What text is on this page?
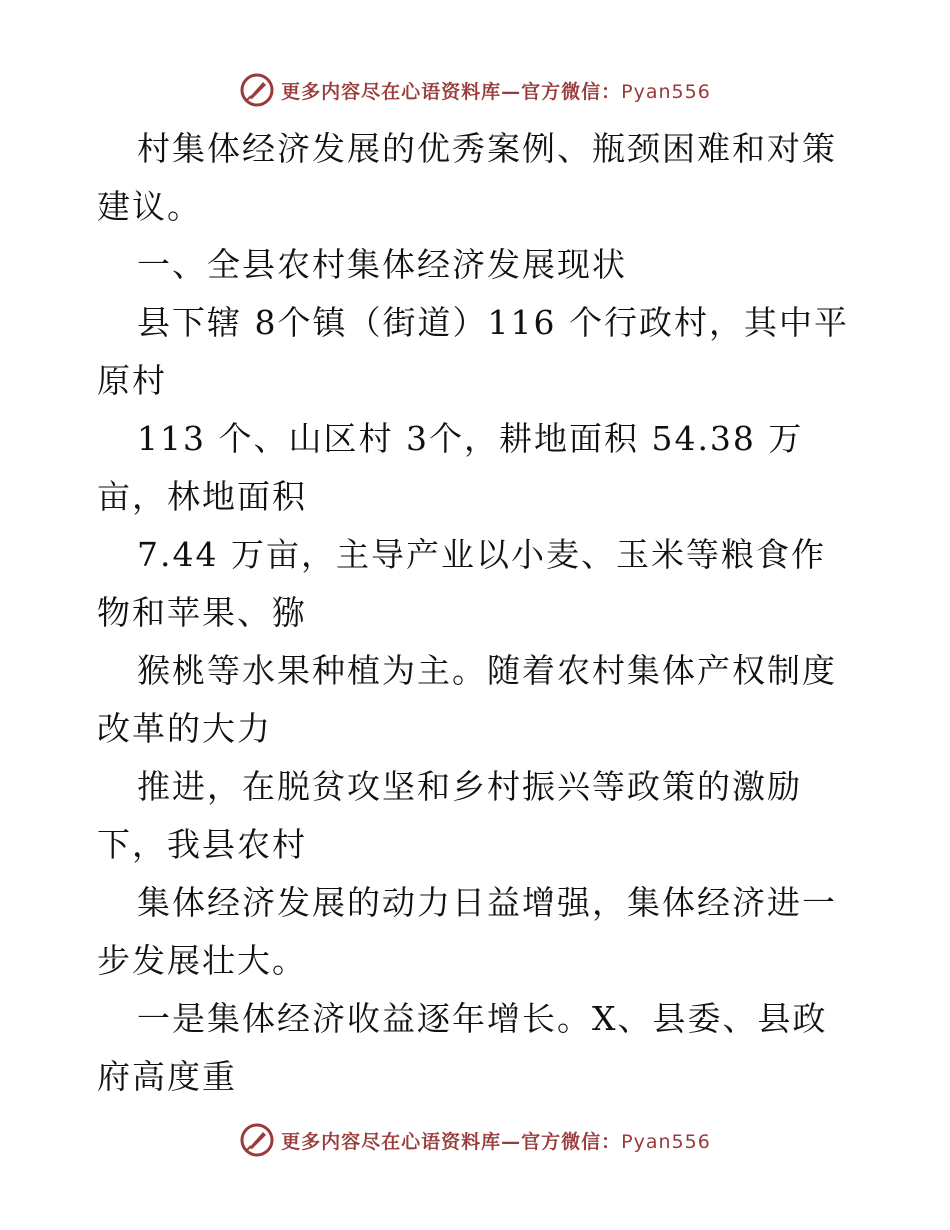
更多内容尽在心语资料库—官方微信：Pyan556

村集体经济发展的优秀案例、瓶颈困难和对策建议。

一、全县农村集体经济发展现状

县下辖 8个镇（街道）116 个行政村，其中平原村

113 个、山区村 3个，耕地面积 54.38 万亩，林地面积

7.44 万亩，主导产业以小麦、玉米等粮食作物和苹果、猕

猴桃等水果种植为主。随着农村集体产权制度改革的大力

推进，在脱贫攻坚和乡村振兴等政策的激励下，我县农村

集体经济发展的动力日益增强，集体经济进一步发展壮大。

一是集体经济收益逐年增长。X、县委、县政府高度重

更多内容尽在心语资料库—官方微信：Pyan556
